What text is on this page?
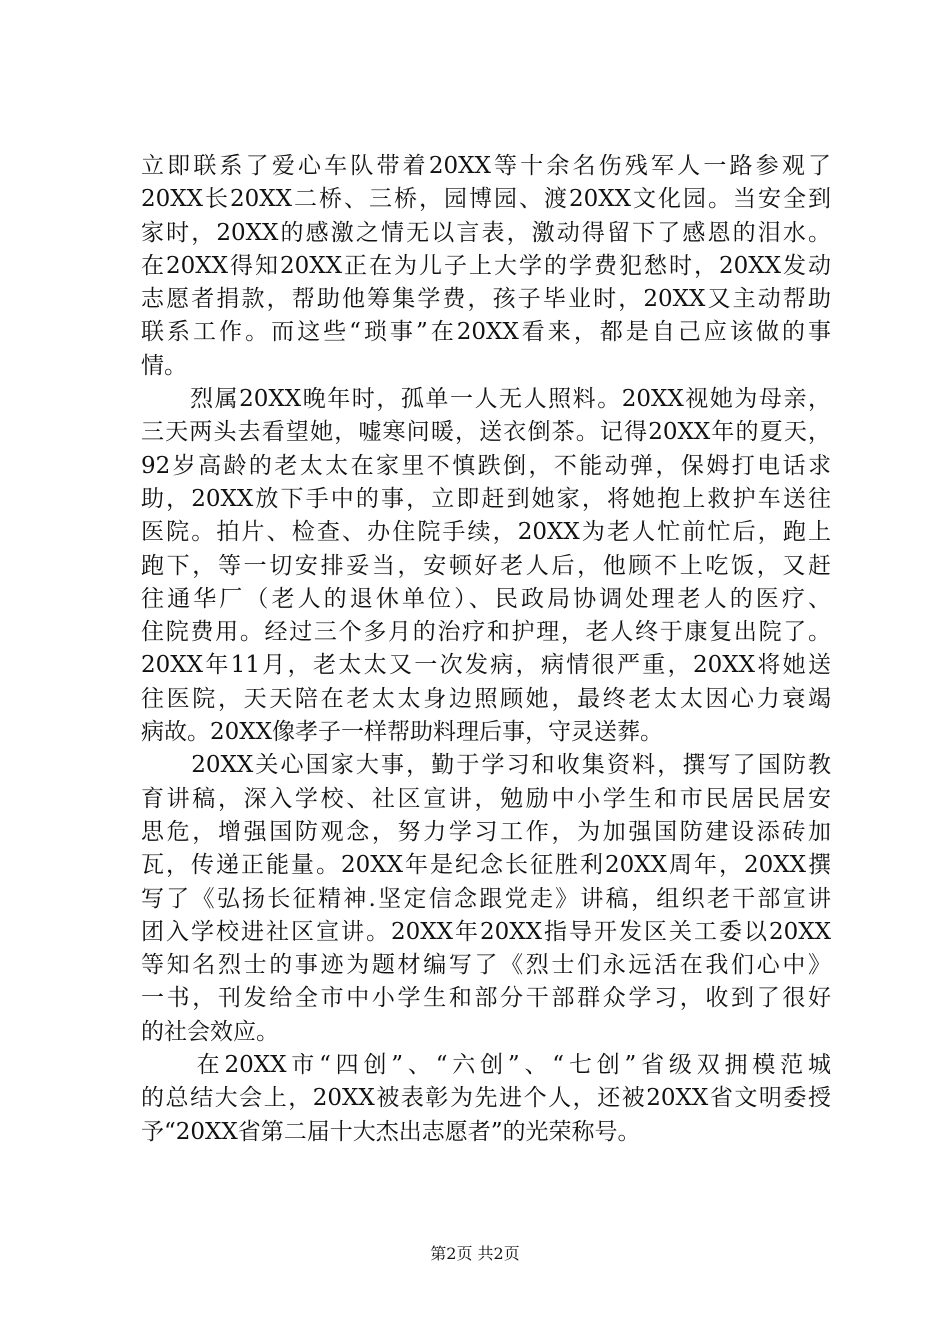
立即联系了爱心车队带着20XX等十余名伤残军人一路参观了
20XX长20XX二桥、三桥，园博园、渡20XX文化园。当安全到
家时，20XX的感激之情无以言表，激动得留下了感恩的泪水。
在20XX得知20XX正在为儿子上大学的学费犯愁时，20XX发动
志愿者捐款，帮助他筹集学费，孩子毕业时，20XX又主动帮助
联系工作。而这些“琐事”在20XX看来，都是自己应该做的事
情。
　　烈属20XX晚年时，孤单一人无人照料。20XX视她为母亲，
三天两头去看望她，嘘寒问暖，送衣倒茶。记得20XX年的夏天，
92岁高龄的老太太在家里不慎跌倒，不能动弹，保姆打电话求
助，20XX放下手中的事，立即赶到她家，将她抱上救护车送往
医院。拍片、检查、办住院手续，20XX为老人忙前忙后，跑上
跑下，等一切安排妥当，安顿好老人后，他顾不上吃饭，又赶
往通华厂（老人的退休单位）、民政局协调处理老人的医疗、
住院费用。经过三个多月的治疗和护理，老人终于康复出院了。
20XX年11月，老太太又一次发病，病情很严重，20XX将她送
往医院，天天陪在老太太身边照顾她，最终老太太因心力衰竭
病故。20XX像孝子一样帮助料理后事，守灵送葬。
　　20XX关心国家大事，勤于学习和收集资料，撰写了国防教
育讲稿，深入学校、社区宣讲，勉励中小学生和市民居民居安
思危，增强国防观念，努力学习工作，为加强国防建设添砖加
瓦，传递正能量。20XX年是纪念长征胜利20XX周年，20XX撰
写了《弘扬长征精神.坚定信念跟党走》讲稿，组织老干部宣讲
团入学校进社区宣讲。20XX年20XX指导开发区关工委以20XX
等知名烈士的事迹为题材编写了《烈士们永远活在我们心中》
一书，刊发给全市中小学生和部分干部群众学习，收到了很好
的社会效应。
　　在20XX市“四创”、“六创”、“七创”省级双拥模范城
的总结大会上，20XX被表彰为先进个人，还被20XX省文明委授
予“20XX省第二届十大杰出志愿者”的光荣称号。
第2页 共2页
